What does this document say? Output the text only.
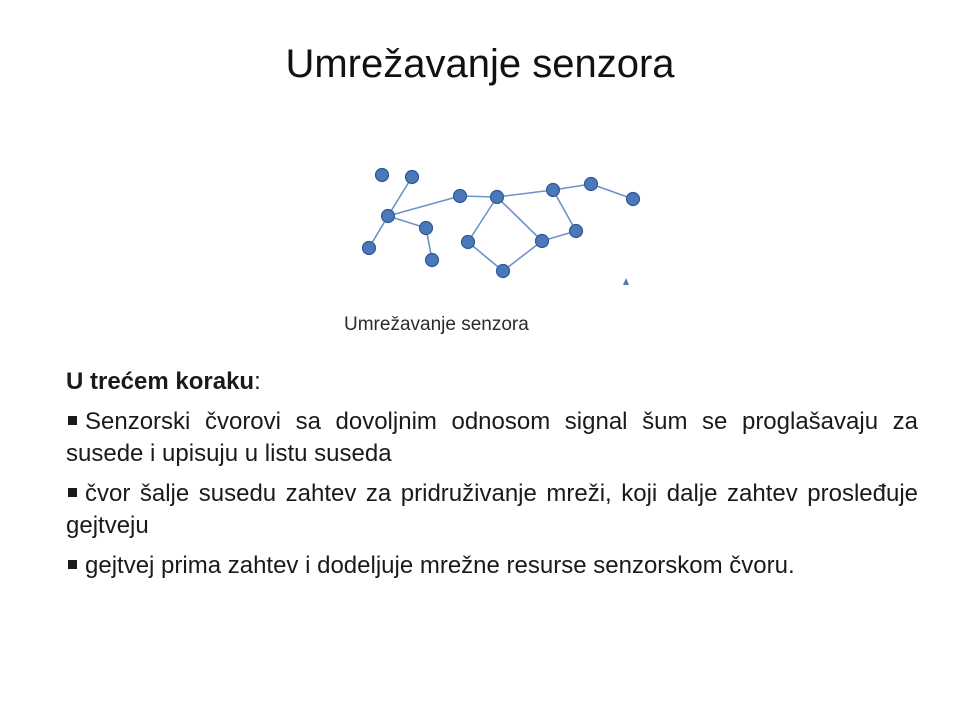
Umrežavanje senzora
Umrežavanje senzora

U trećem koraku:

Senzorski čvorovi sa dovoljnim odnosom signal šum se proglašavaju za susede i upisuju u listu suseda

čvor šalje susedu zahtev za pridruživanje mreži, koji dalje zahtev prosleđuje gejtveju

gejtvej prima zahtev i dodeljuje mrežne resurse senzorskom čvoru.
